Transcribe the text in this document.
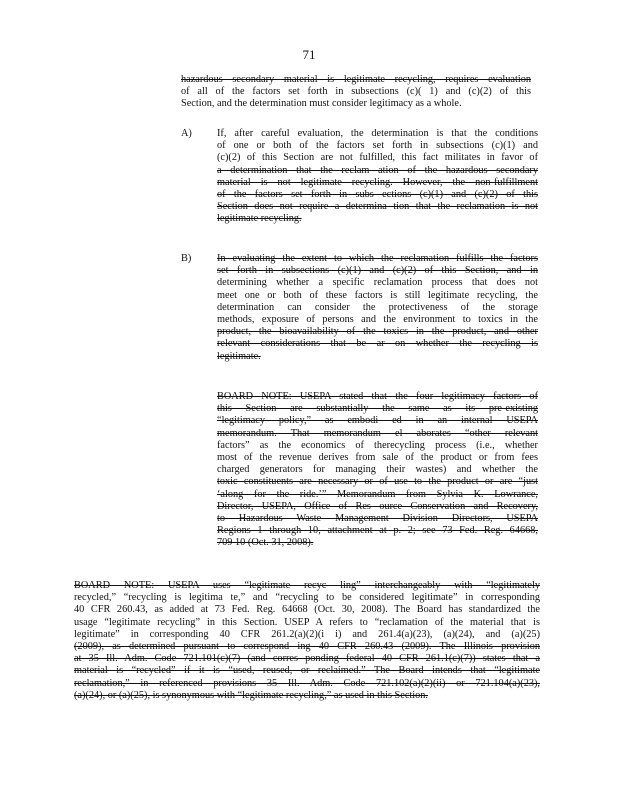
71
hazardous secondary material is legitimate recycling, requires evaluation
of all of the factors set forth in subsections (c)( 1) and (c)(2) of this
Section, and the determination must consider legitimacy as a whole.
A) If, after careful evaluation, the determination is that the conditions
of one or both of the factors set forth in subsections (c)(1) and
(c)(2) of this Section are not fulfilled, this fact militates in favor of
a determination that the reclam ation of the hazardous secondary
material is not legitimate recycling. However, the non-fulfillment
of the factors set forth in subs ections (c)(1) and (c)(2) of this
Section does not require a determina tion that the reclamation is not
legitimate recycling.
B) In evaluating the extent to which the reclamation fulfills the factors
set forth in subsections (c)(1) and (c)(2) of this Section, and in
determining whether a specific reclamation process that does not
meet one or both of these factors is still legitimate recycling, the
determination can consider the protectiveness of the storage
methods, exposure of persons and the environment to toxics in the
product, the bioavailability of the toxics in the product, and other
relevant considerations that be ar on whether the recycling is
legitimate.
BOARD NOTE: USEPA stated that the four legitimacy factors of
this Section are substantially the same as its pre-existing
“legitimacy policy,” as embodi ed in an internal USEPA
memorandum. That memorandum el aborates “other relevant
factors” as the economics of therecycling process (i.e., whether
most of the revenue derives from sale of the product or from fees
charged generators for managing their wastes) and whether the
toxic constituents are necessary or of use to the product or are “just
‘along for the ride.’” Memorandum from Sylvia K. Lowrance,
Director, USEPA, Office of Res ource Conservation and Recovery,
to Hazardous Waste Management Division Directors, USEPA
Regions 1 through 10, attachment at p. 2; see 73 Fed. Reg. 64668,
709 10 (Oct. 31, 2008).
BOARD NOTE: USEPA uses “legitimate recyc ling” interchangeably with “legitimately
recycled,” “recycling is legitima te,” and “recycling to be considered legitimate” in corresponding
40 CFR 260.43, as added at 73 Fed. Reg. 64668 (Oct. 30, 2008). The Board has standardized the
usage “legitimate recycling” in this Section. USEP A refers to “reclamation of the material that is
legitimate” in corresponding 40 CFR 261.2(a)(2)(i i) and 261.4(a)(23), (a)(24), and (a)(25)
(2009), as determined pursuant to correspond ing 40 CFR 260.43 (2009). The Illinois provision
at 35 Ill. Adm. Code 721.101(c)(7) (and corres ponding federal 40 CFR 261.1(c)(7)) states that a
material is “recycled” if it is “used, reused, or reclaimed.” The Board intends that “legitimate
reclamation,” in referenced provisions 35 Ill. Adm. Code 721.102(a)(2)(ii) or 721.104(a)(23),
(a)(24), or (a)(25), is synonymous with “legitimate recycling,” as used in this Section.
